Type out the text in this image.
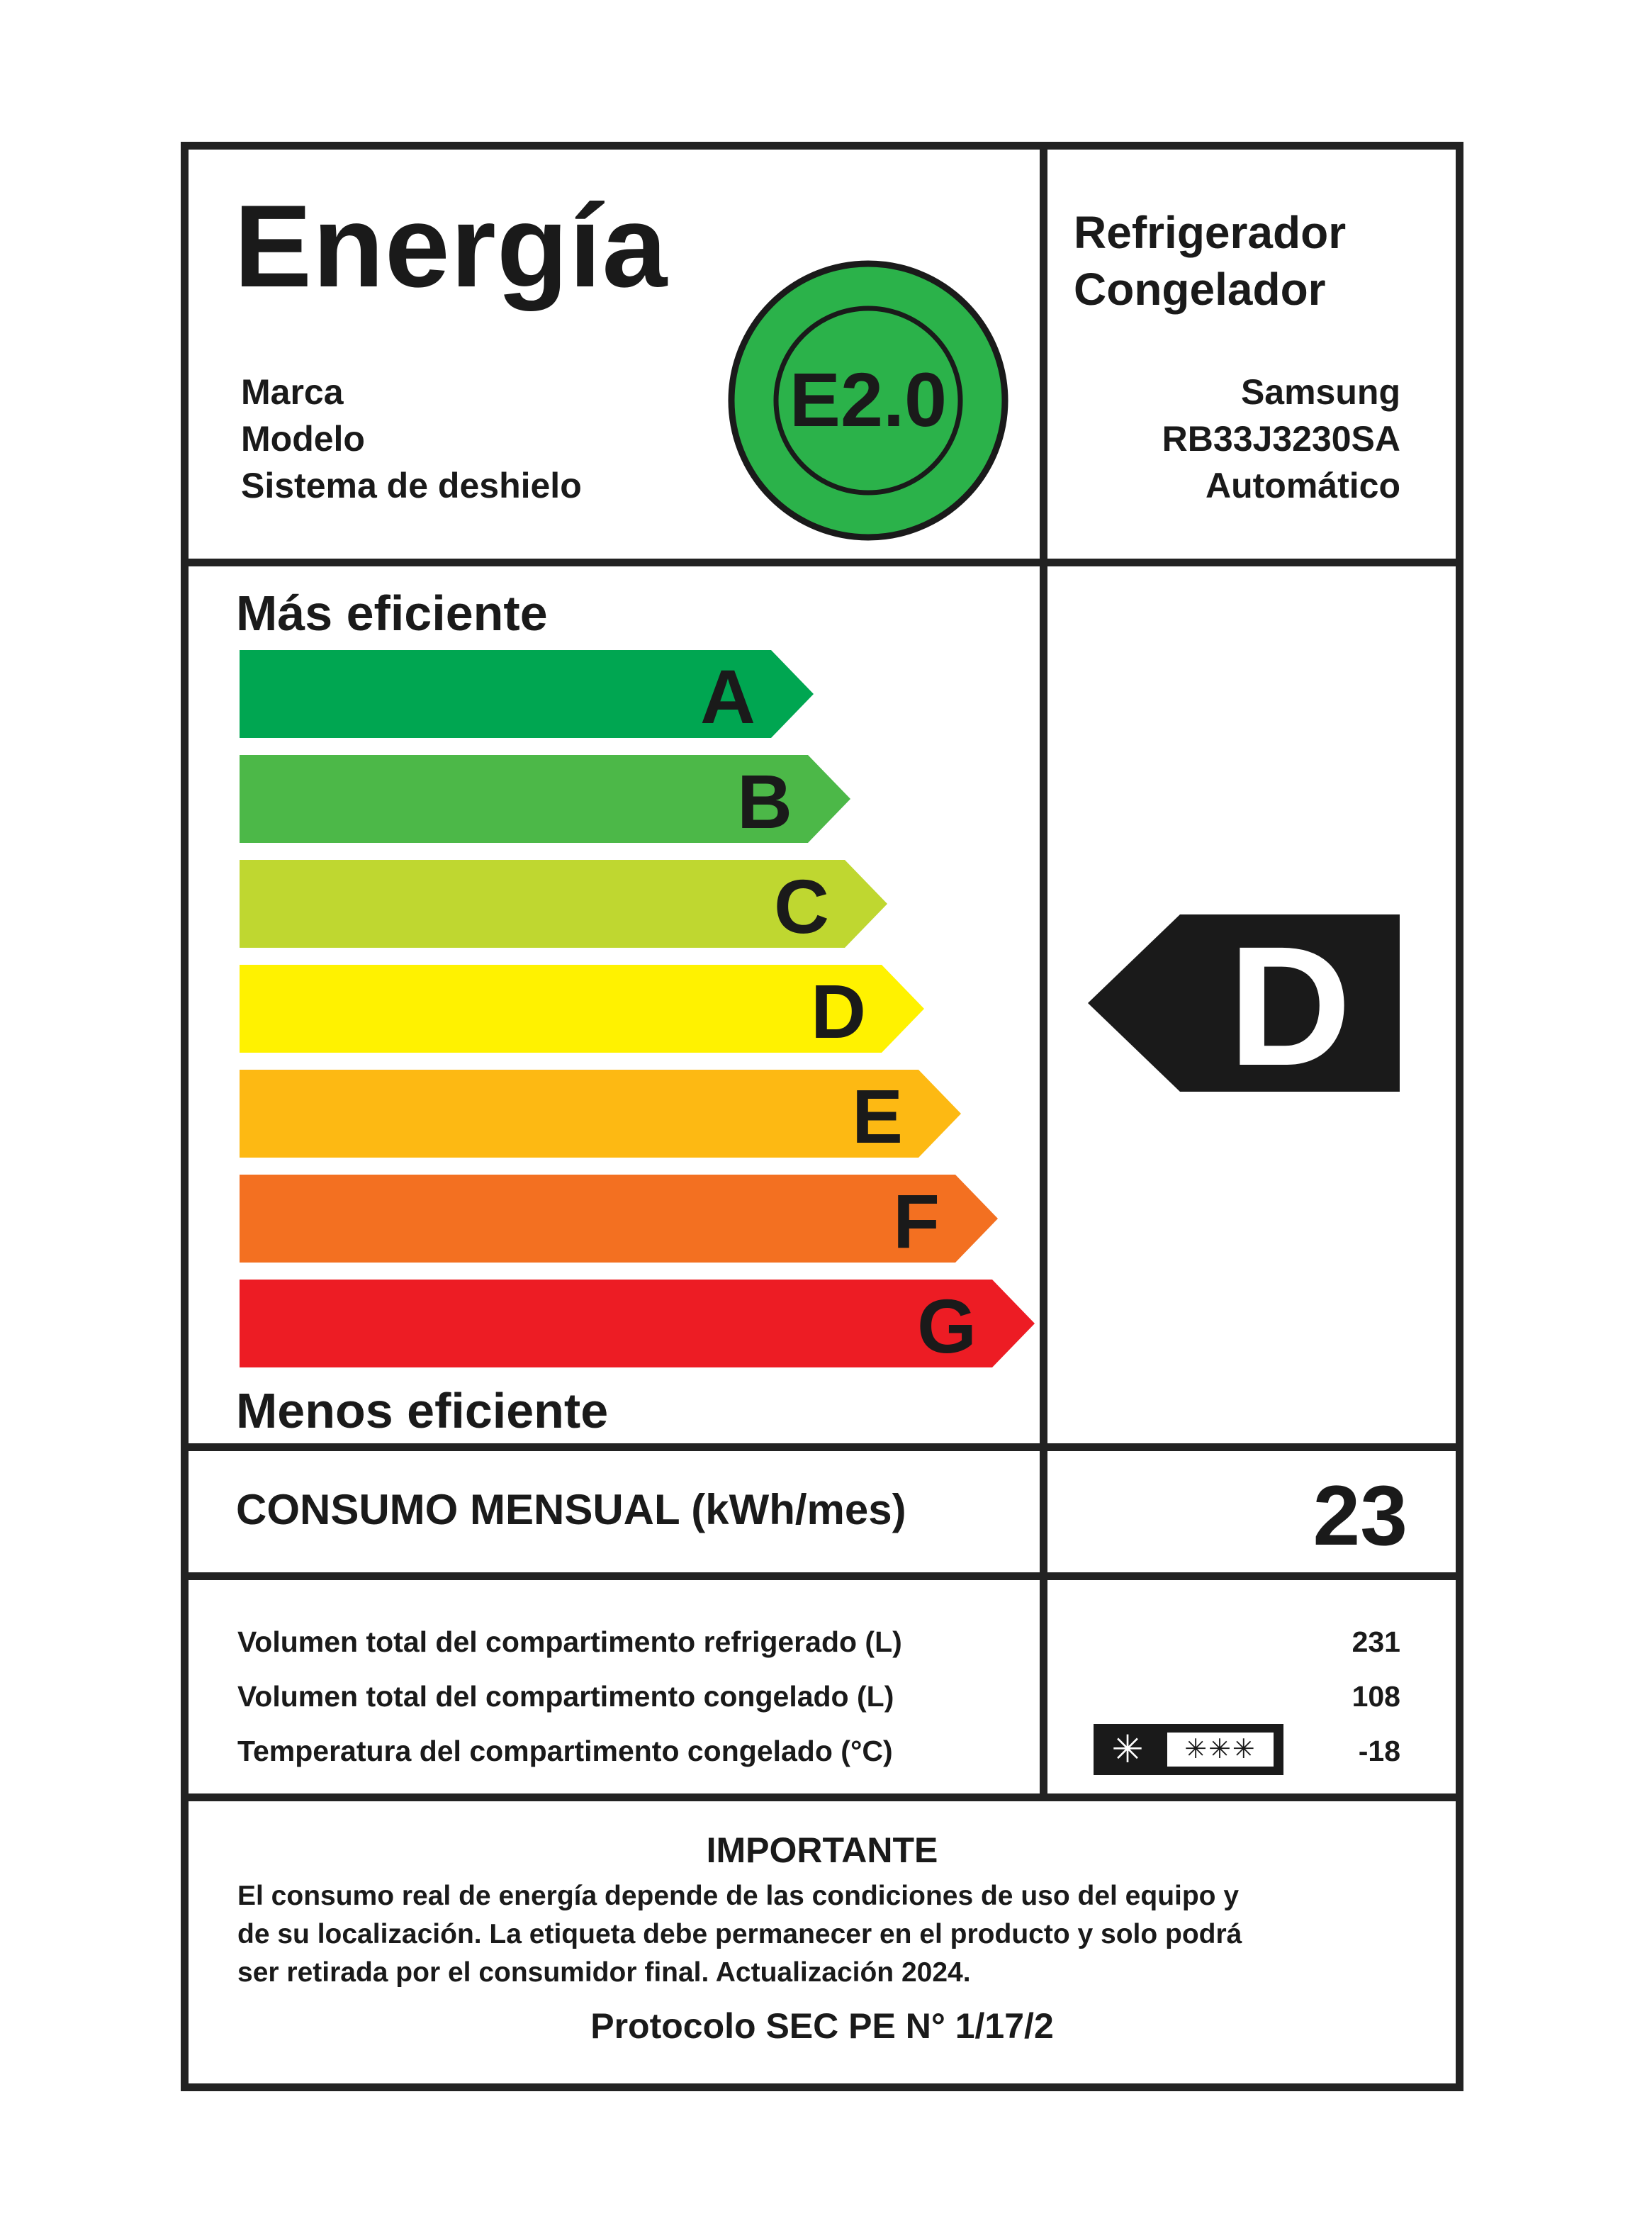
Energía
Marca
Modelo
Sistema de deshielo
E2.0
Refrigerador
Congelador
Samsung
RB33J3230SA
Automático
Más eficiente
A
B
C
D
E
F
G
Menos eficiente
D
CONSUMO MENSUAL (kWh/mes)	23
Volumen total del compartimento refrigerado (L)
Volumen total del compartimento congelado (L)
Temperatura del compartimento congelado (°C)
231
108
-18
✳	✳✳✳
IMPORTANTE
El consumo real de energía depende de las condiciones de uso del equipo y
de su localización. La etiqueta debe permanecer en el producto y solo podrá
ser retirada por el consumidor final. Actualización 2024.
Protocolo SEC PE N° 1/17/2
